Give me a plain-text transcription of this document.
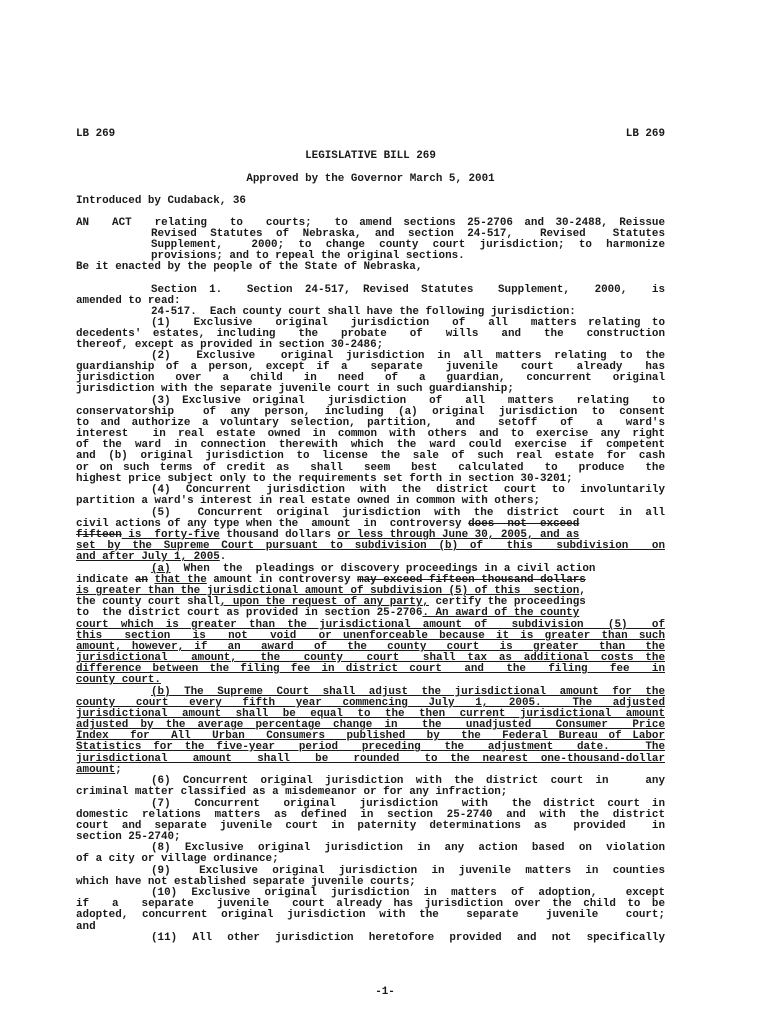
LB 269	LB 269
LEGISLATIVE BILL 269
Approved by the Governor March 5, 2001
Introduced by Cudaback, 36
AN  ACT  relating  to  courts;  to amend sections 25-2706 and 30-2488, Reissue
Revised Statutes of Nebraska, and section 24-517,  Revised  Statutes
Supplement,  2000; to change county court jurisdiction; to harmonize
provisions; and to repeal the original sections.
Be it enacted by the people of the State of Nebraska,
Section 1.  Section 24-517, Revised Statutes  Supplement,  2000,  is
amended to read:
24-517.  Each county court shall have the following jurisdiction:
(1)  Exclusive  original  jurisdiction  of  all  matters relating to
decedents' estates, including  the  probate  of  wills  and  the  construction
thereof, except as provided in section 30-2486;
(2)  Exclusive  original jurisdiction in all matters relating to the
guardianship of a person, except if a  separate  juvenile  court  already  has
jurisdiction  over  a  child  in  need  of  a  guardian,  concurrent  original
jurisdiction with the separate juvenile court in such guardianship;
(3) Exclusive original  jurisdiction  of  all  matters  relating  to
conservatorship  of any person, including (a) original jurisdiction to consent
to and authorize a voluntary selection, partition,  and  setoff  of  a  ward's
interest  in real estate owned in common with others and to exercise any right
of the ward in connection therewith which the ward could exercise if competent
and (b) original jurisdiction to license the sale of such real estate for cash
or on such terms of credit as  shall  seem  best  calculated  to  produce  the
highest price subject only to the requirements set forth in section 30-3201;
(4) Concurrent jurisdiction with the district court to involuntarily
partition a ward's interest in real estate owned in common with others;
(5)  Concurrent original jurisdiction with the district court in all
civil actions of any type when the  amount  in  controversy does  not  exceed
fifteen is  forty-five thousand dollars or less through June 30, 2005, and as
set by the Supreme Court pursuant to subdivision (b) of  this  subdivision  on
and after July 1, 2005.
(a)  When  the  pleadings or discovery proceedings in a civil action
indicate an that the amount in controversy may exceed fifteen thousand dollars
is greater than the jurisdictional amount of subdivision (5) of this  section,
the county court shall, upon the request of any party, certify the proceedings
to  the district court as provided in section 25-2706. An award of the county
court which is greater than the jurisdictional amount of  subdivision  (5)  of
this  section  is  not  void  or unenforceable because it is greater than such
amount, however, if  an  award  of  the  county  court  is  greater  than  the
jurisdictional  amount,  the  county  court  shall tax as additional costs the
difference between the filing fee in district court  and  the  filing  fee  in
county court.
(b) The Supreme Court shall adjust the jurisdictional amount for the
county  court  every  fifth  year  commencing  July  1,  2005.   The  adjusted
jurisdictional amount shall be equal to the then current jurisdictional amount
adjusted by the average percentage change in  the  unadjusted  Consumer  Price
Index  for  All  Urban  Consumers  published  by  the  Federal Bureau of Labor
Statistics for the five-year  period  preceding  the  adjustment  date.   The
jurisdictional  amount  shall  be  rounded  to the nearest one-thousand-dollar
amount;
(6) Concurrent original jurisdiction with the district court in   any
criminal matter classified as a misdemeanor or for any infraction;
(7)  Concurrent  original  jurisdiction  with  the district court in
domestic relations matters as defined in section 25-2740 and with the district
court and separate juvenile court in paternity determinations as  provided  in
section 25-2740;
(8) Exclusive original jurisdiction in any action based on violation
of a city or village ordinance;
(9)  Exclusive original jurisdiction in juvenile matters in counties
which have not established separate juvenile courts;
(10) Exclusive original jurisdiction in matters of adoption,  except
if  a  separate  juvenile  court already has jurisdiction over the child to be
adopted, concurrent original jurisdiction with the  separate  juvenile  court;
and
(11) All other jurisdiction heretofore provided and not specifically
-1-
